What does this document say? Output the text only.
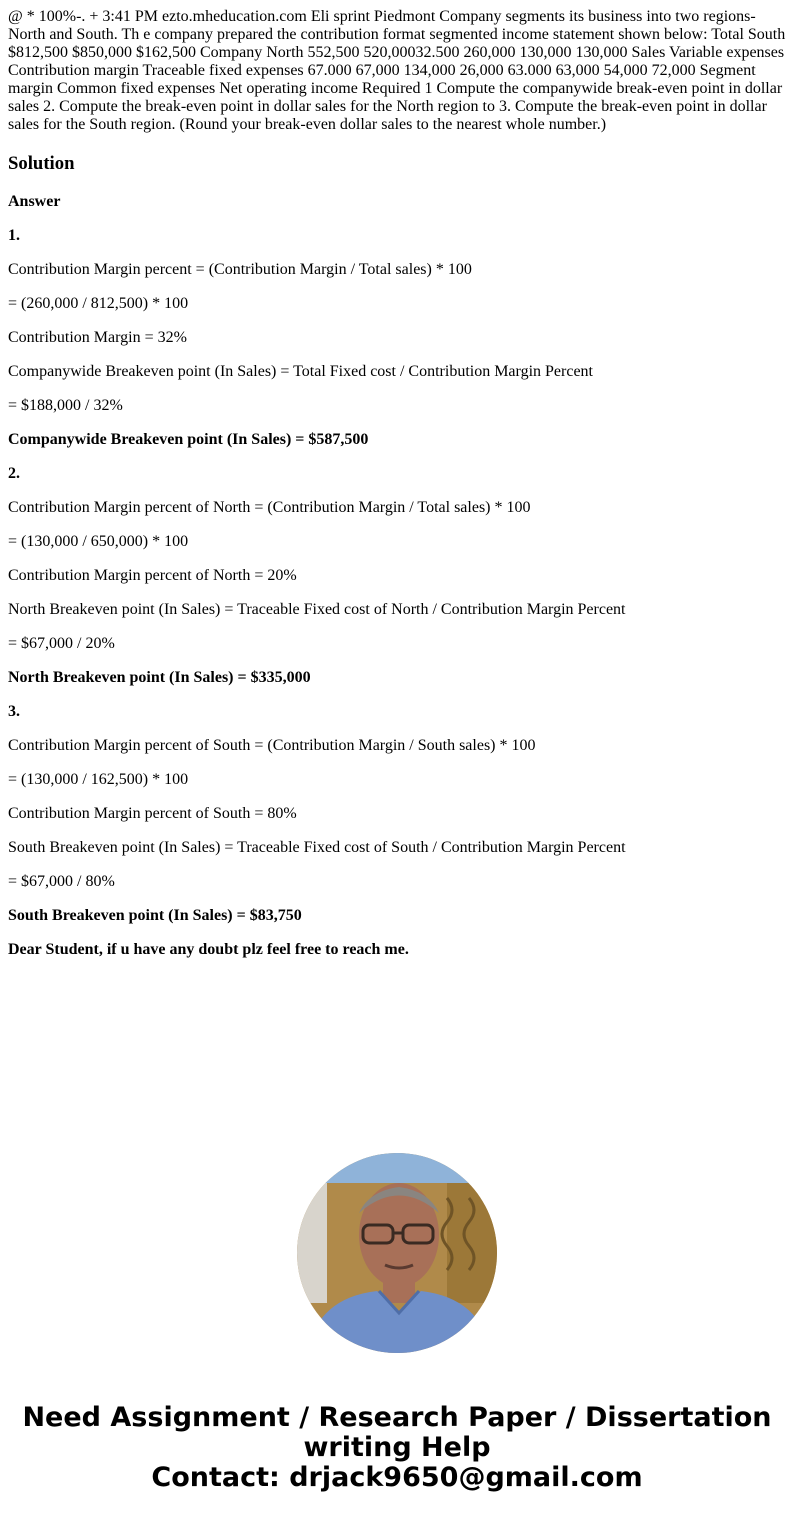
@ * 100%-. + 3:41 PM ezto.mheducation.com Eli sprint Piedmont Company segments its business into two regions-North and South. Th e company prepared the contribution format segmented income statement shown below: Total South $812,500 $850,000 $162,500 Company North 552,500 520,00032.500 260,000 130,000 130,000 Sales Variable expenses Contribution margin Traceable fixed expenses 67.000 67,000 134,000 26,000 63.000 63,000 54,000 72,000 Segment margin Common fixed expenses Net operating income Required 1 Compute the companywide break-even point in dollar sales 2. Compute the break-even point in dollar sales for the North region to 3. Compute the break-even point in dollar sales for the South region. (Round your break-even dollar sales to the nearest whole number.)

Solution

Answer

1.

Contribution Margin percent = (Contribution Margin / Total sales) * 100

= (260,000 / 812,500) * 100

Contribution Margin = 32%

Companywide Breakeven point (In Sales) = Total Fixed cost / Contribution Margin Percent

= $188,000 / 32%

Companywide Breakeven point (In Sales) = $587,500

2.

Contribution Margin percent of North = (Contribution Margin / Total sales) * 100

= (130,000 / 650,000) * 100

Contribution Margin percent of North = 20%

North Breakeven point (In Sales) = Traceable Fixed cost of North / Contribution Margin Percent

= $67,000 / 20%

North Breakeven point (In Sales) = $335,000

3.

Contribution Margin percent of South = (Contribution Margin / South sales) * 100

= (130,000 / 162,500) * 100

Contribution Margin percent of South = 80%

South Breakeven point (In Sales) = Traceable Fixed cost of South / Contribution Margin Percent

= $67,000 / 80%

South Breakeven point (In Sales) = $83,750

Dear Student, if u have any doubt plz feel free to reach me.

Need Assignment / Research Paper / Dissertation
writing Help
Contact: drjack9650@gmail.com
